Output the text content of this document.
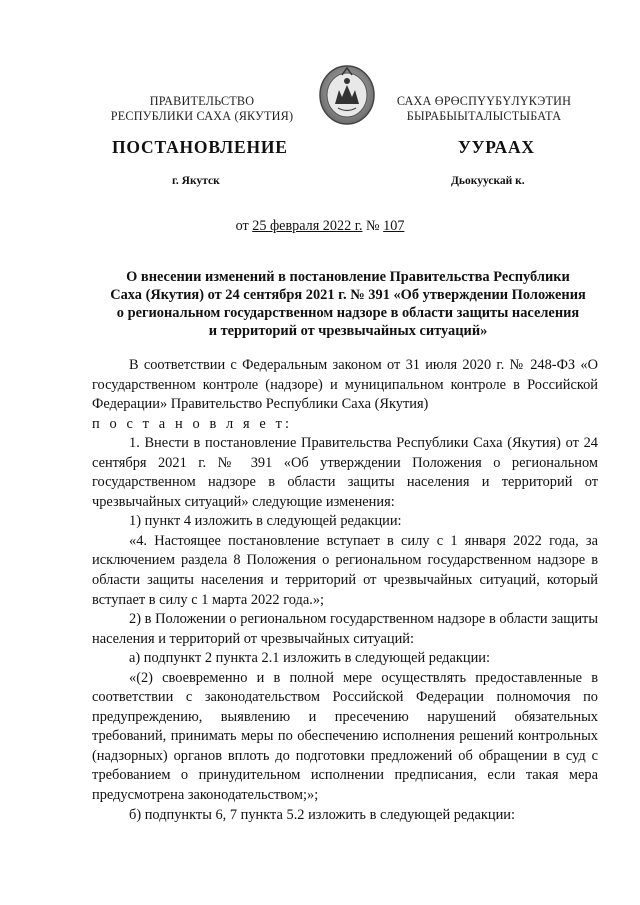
ПРАВИТЕЛЬСТВО
РЕСПУБЛИКИ САХА (ЯКУТИЯ)
САХА ӨРӨСПҮҮБҮЛҮКЭТИН
БЫРАБЫЫТАЛЫСТЫБАТА
ПОСТАНОВЛЕНИЕ	УУРААХ
г. Якутск	Дьокуускай к.
от 25 февраля 2022 г. № 107
О внесении изменений в постановление Правительства Республики
Саха (Якутия) от 24 сентября 2021 г. № 391 «Об утверждении Положения
о региональном государственном надзоре в области защиты населения
и территорий от чрезвычайных ситуаций»

В соответствии с Федеральным законом от 31 июля 2020 г. № 248-ФЗ «О государственном контроле (надзоре) и муниципальном контроле в Российской Федерации» Правительство Республики Саха (Якутия)

п о с т а н о в л я е т:

1. Внести в постановление Правительства Республики Саха (Якутия) от 24 сентября 2021 г. № 391 «Об утверждении Положения о региональном государственном надзоре в области защиты населения и территорий от чрезвычайных ситуаций» следующие изменения:

1) пункт 4 изложить в следующей редакции:

«4. Настоящее постановление вступает в силу с 1 января 2022 года, за исключением раздела 8 Положения о региональном государственном надзоре в области защиты населения и территорий от чрезвычайных ситуаций, который вступает в силу с 1 марта 2022 года.»;

2) в Положении о региональном государственном надзоре в области защиты населения и территорий от чрезвычайных ситуаций:

а) подпункт 2 пункта 2.1 изложить в следующей редакции:

«(2) своевременно и в полной мере осуществлять предоставленные в соответствии с законодательством Российской Федерации полномочия по предупреждению, выявлению и пресечению нарушений обязательных требований, принимать меры по обеспечению исполнения решений контрольных (надзорных) органов вплоть до подготовки предложений об обращении в суд с требованием о принудительном исполнении предписания, если такая мера предусмотрена законодательством;»;

б) подпункты 6, 7 пункта 5.2 изложить в следующей редакции:
